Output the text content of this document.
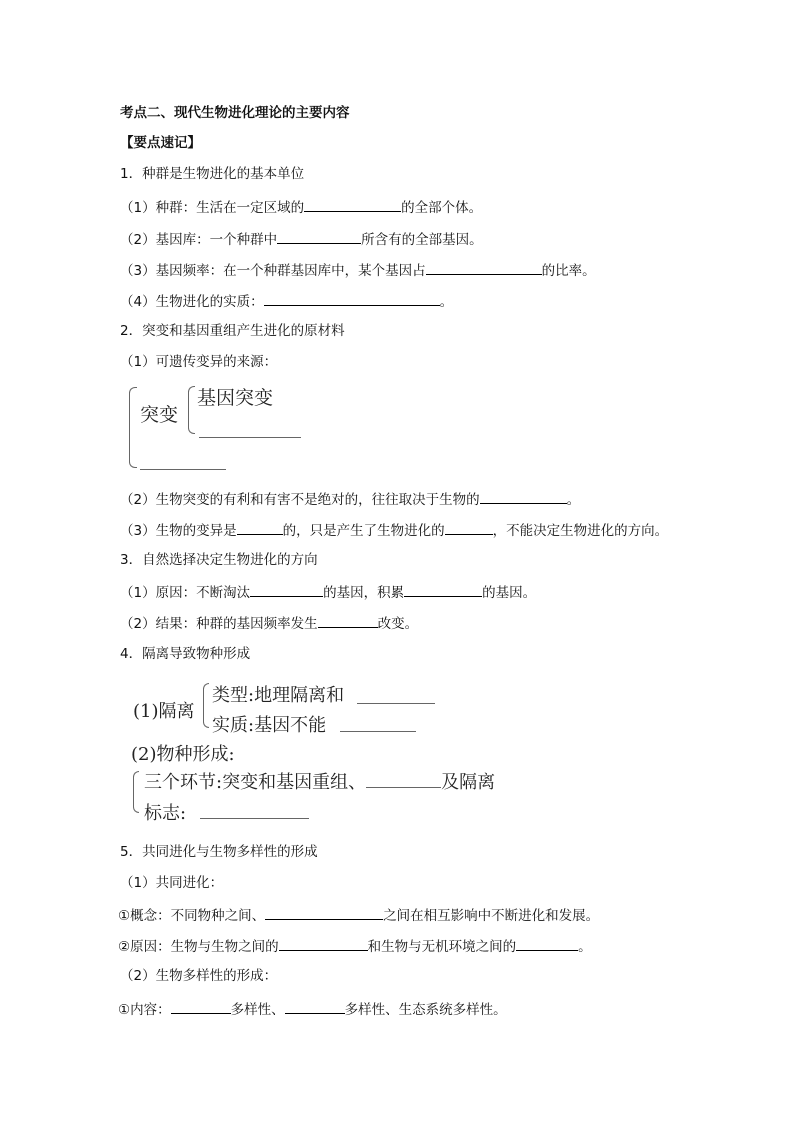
考点二、现代生物进化理论的主要内容
【要点速记】
1．种群是生物进化的基本单位
（1）种群：生活在一定区域的	的全部个体。
（2）基因库：一个种群中	所含有的全部基因。
（3）基因频率：在一个种群基因库中，某个基因占	的比率。
（4）生物进化的实质：	。
2．突变和基因重组产生进化的原材料
（1）可遗传变异的来源：
突变
基因突变
（2）生物突变的有利和有害不是绝对的，往往取决于生物的	。
（3）生物的变异是	的，只是产生了生物进化的	，不能决定生物进化的方向。
3．自然选择决定生物进化的方向
（1）原因：不断淘汰	的基因，积累	的基因。
（2）结果：种群的基因频率发生	改变。
4．隔离导致物种形成
(1)隔离
类型:地理隔离和
实质:基因不能
(2)物种形成:
三个环节:突变和基因重组、	及隔离
标志:
5．共同进化与生物多样性的形成
（1）共同进化：
①概念：不同物种之间、	之间在相互影响中不断进化和发展。
②原因：生物与生物之间的	和生物与无机环境之间的	。
（2）生物多样性的形成：
①内容：	多样性、	多样性、生态系统多样性。
